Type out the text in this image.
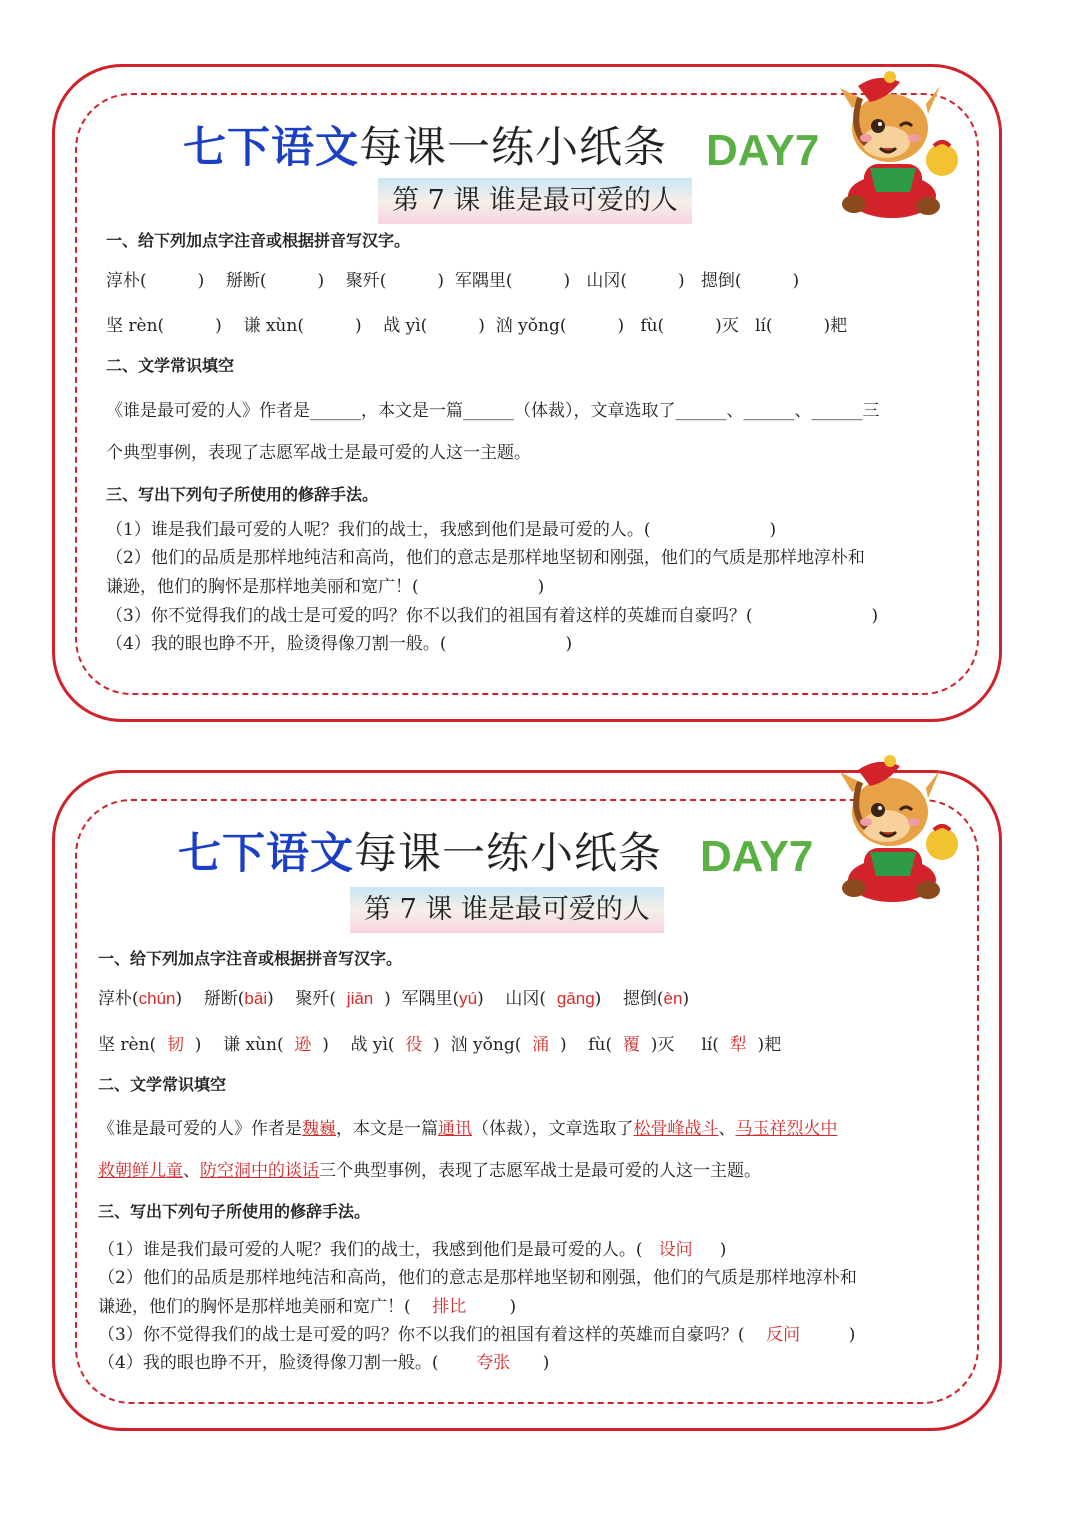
七下语文每课一练小纸条 DAY7
第 7 课 谁是最可爱的人
一、给下列加点字注音或根据拼音写汉字。
淳朴(　　　) 掰断(　　　) 聚歼(　　　) 军隅里(　　　) 山冈(　　　) 摁倒(　　　)
坚 rèn(　　　) 谦 xùn(　　　) 战 yì(　　　) 汹 yǒng(　　　) fù(　　　)灭 lí(　　　)耙
二、文学常识填空
《谁是最可爱的人》作者是______，本文是一篇______（体裁），文章选取了______、______、______三
个典型事例，表现了志愿军战士是最可爱的人这一主题。
三、写出下列句子所使用的修辞手法。
（1）谁是我们最可爱的人呢？我们的战士，我感到他们是最可爱的人。(　　　　　　　)
（2）他们的品质是那样地纯洁和高尚，他们的意志是那样地坚韧和刚强，他们的气质是那样地淳朴和
谦逊，他们的胸怀是那样地美丽和宽广！(　　　　　　　)
（3）你不觉得我们的战士是可爱的吗？你不以我们的祖国有着这样的英雄而自豪吗？(　　　　　　　)
（4）我的眼也睁不开，脸烫得像刀割一般。(　　　　　　　)
七下语文每课一练小纸条 DAY7
第 7 课 谁是最可爱的人
一、给下列加点字注音或根据拼音写汉字。
淳朴(chún)    掰断(bāi)    聚歼(  jiān  )  军隅里(yú)    山冈(  gāng)    摁倒(èn)
坚 rèn(  韧  )    谦 xùn(  逊  )    战 yì(  役  )  汹 yǒng(  涌  )    fù(  覆  )灭 lí(  犁  )耙
二、文学常识填空
《谁是最可爱的人》作者是魏巍，本文是一篇通讯（体裁），文章选取了松骨峰战斗、马玉祥烈火中
救朝鲜儿童、防空洞中的谈话三个典型事例，表现了志愿军战士是最可爱的人这一主题。
三、写出下列句子所使用的修辞手法。
（1）谁是我们最可爱的人呢？我们的战士，我感到他们是最可爱的人。( 设问 )
（2）他们的品质是那样地纯洁和高尚，他们的意志是那样地坚韧和刚强，他们的气质是那样地淳朴和
谦逊，他们的胸怀是那样地美丽和宽广！( 排比	)
（3）你不觉得我们的战士是可爱的吗？你不以我们的祖国有着这样的英雄而自豪吗？( 反问	)
（4）我的眼也睁不开，脸烫得像刀割一般。( 夸张 )
